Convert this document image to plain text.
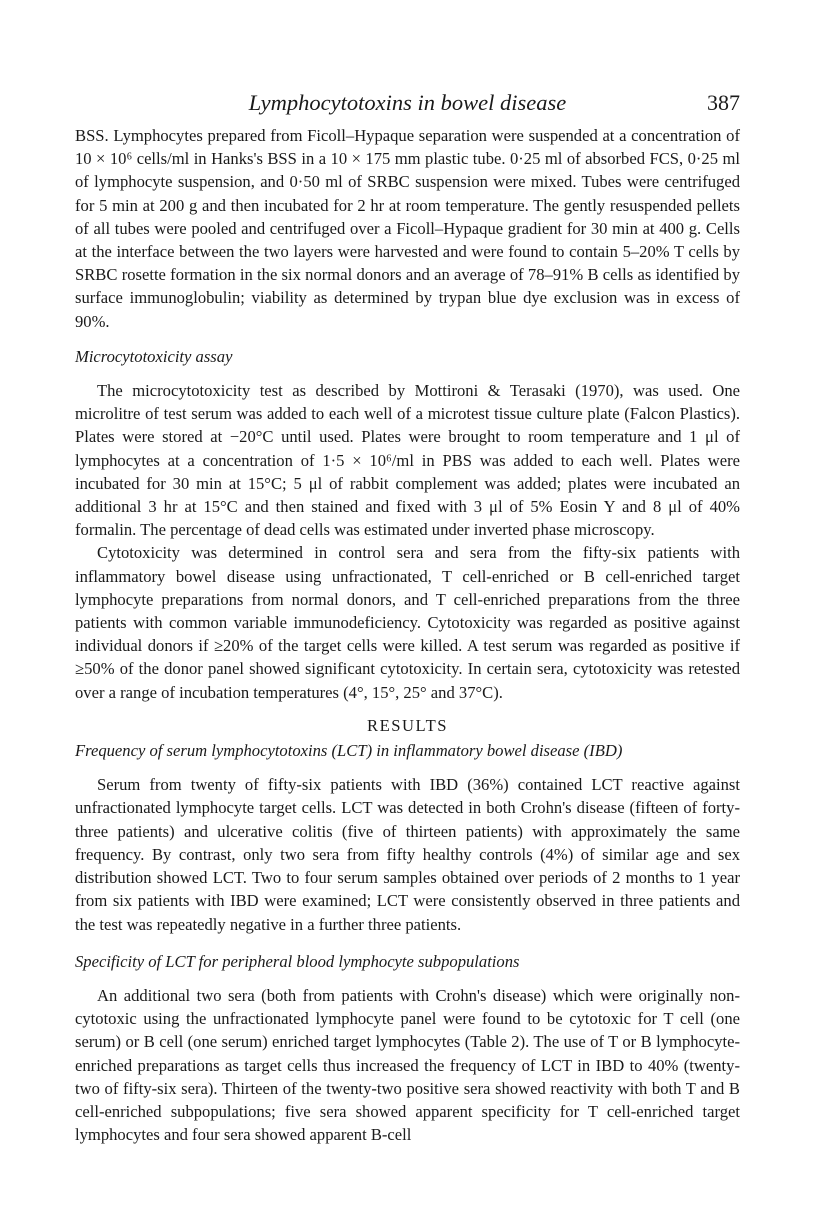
Lymphocytotoxins in bowel disease	387

BSS. Lymphocytes prepared from Ficoll–Hypaque separation were suspended at a concentration of 10 × 10⁶ cells/ml in Hanks's BSS in a 10 × 175 mm plastic tube. 0·25 ml of absorbed FCS, 0·25 ml of lymphocyte suspension, and 0·50 ml of SRBC suspension were mixed. Tubes were centrifuged for 5 min at 200 g and then incubated for 2 hr at room temperature. The gently resuspended pellets of all tubes were pooled and centrifuged over a Ficoll–Hypaque gradient for 30 min at 400 g. Cells at the interface between the two layers were harvested and were found to contain 5–20% T cells by SRBC rosette formation in the six normal donors and an average of 78–91% B cells as identified by surface immunoglobulin; viability as determined by trypan blue dye exclusion was in excess of 90%.

Microcytotoxicity assay

The microcytotoxicity test as described by Mottironi & Terasaki (1970), was used. One microlitre of test serum was added to each well of a microtest tissue culture plate (Falcon Plastics). Plates were stored at −20°C until used. Plates were brought to room temperature and 1 μl of lymphocytes at a concentration of 1·5 × 10⁶/ml in PBS was added to each well. Plates were incubated for 30 min at 15°C; 5 μl of rabbit complement was added; plates were incubated an additional 3 hr at 15°C and then stained and fixed with 3 μl of 5% Eosin Y and 8 μl of 40% formalin. The percentage of dead cells was estimated under inverted phase microscopy.

Cytotoxicity was determined in control sera and sera from the fifty-six patients with inflammatory bowel disease using unfractionated, T cell-enriched or B cell-enriched target lymphocyte preparations from normal donors, and T cell-enriched preparations from the three patients with common variable immunodeficiency. Cytotoxicity was regarded as positive against individual donors if ≥20% of the target cells were killed. A test serum was regarded as positive if ≥50% of the donor panel showed significant cytotoxicity. In certain sera, cytotoxicity was retested over a range of incubation temperatures (4°, 15°, 25° and 37°C).

RESULTS
Frequency of serum lymphocytotoxins (LCT) in inflammatory bowel disease (IBD)

Serum from twenty of fifty-six patients with IBD (36%) contained LCT reactive against unfractionated lymphocyte target cells. LCT was detected in both Crohn's disease (fifteen of forty-three patients) and ulcerative colitis (five of thirteen patients) with approximately the same frequency. By contrast, only two sera from fifty healthy controls (4%) of similar age and sex distribution showed LCT. Two to four serum samples obtained over periods of 2 months to 1 year from six patients with IBD were examined; LCT were consistently observed in three patients and the test was repeatedly negative in a further three patients.

Specificity of LCT for peripheral blood lymphocyte subpopulations

An additional two sera (both from patients with Crohn's disease) which were originally non-cytotoxic using the unfractionated lymphocyte panel were found to be cytotoxic for T cell (one serum) or B cell (one serum) enriched target lymphocytes (Table 2). The use of T or B lymphocyte-enriched preparations as target cells thus increased the frequency of LCT in IBD to 40% (twenty-two of fifty-six sera). Thirteen of the twenty-two positive sera showed reactivity with both T and B cell-enriched subpopulations; five sera showed apparent specificity for T cell-enriched target lymphocytes and four sera showed apparent B-cell
